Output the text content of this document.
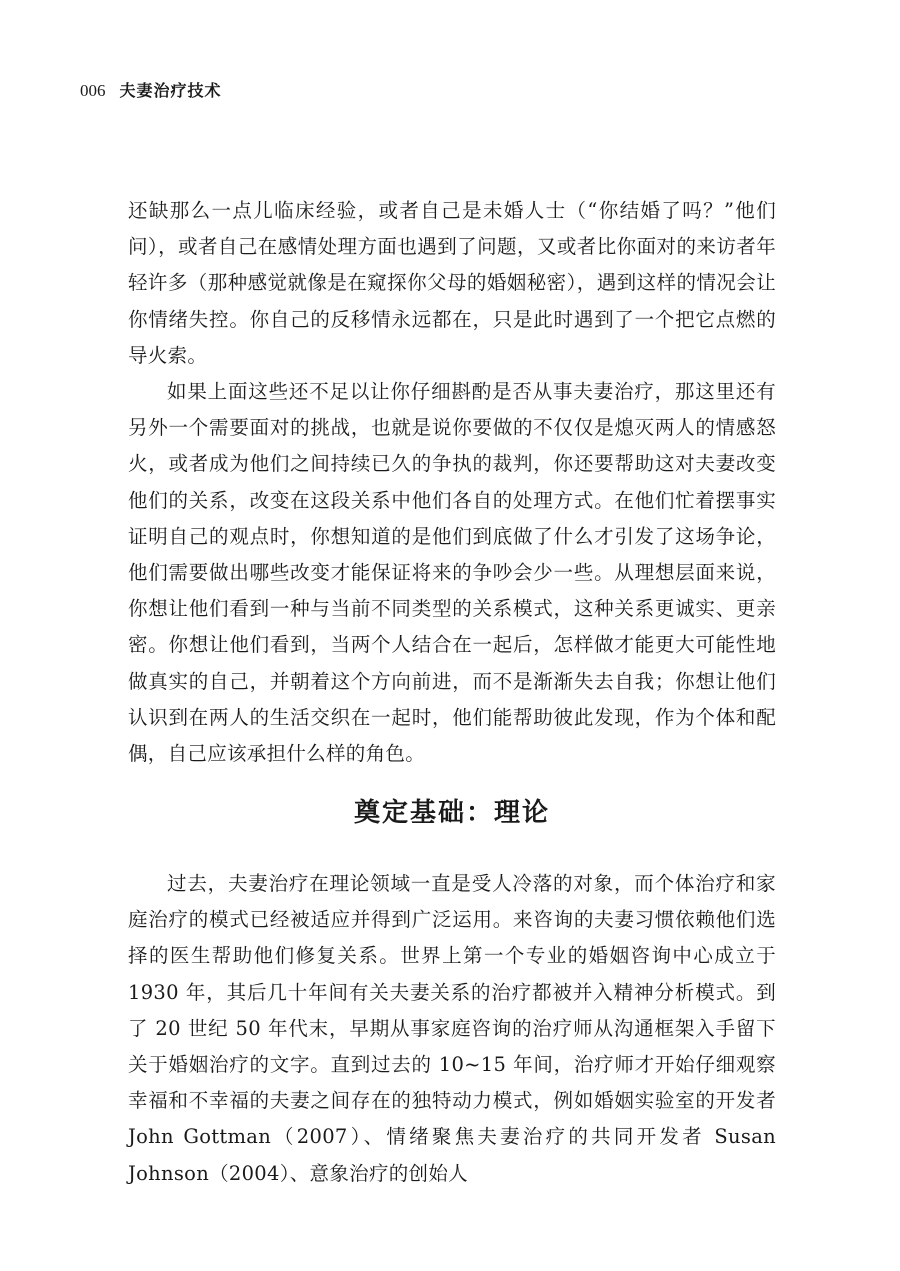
006 夫妻治疗技术

还缺那么一点儿临床经验，或者自己是未婚人士（“你结婚了吗？”他们问），或者自己在感情处理方面也遇到了问题，又或者比你面对的来访者年轻许多（那种感觉就像是在窥探你父母的婚姻秘密），遇到这样的情况会让你情绪失控。你自己的反移情永远都在，只是此时遇到了一个把它点燃的导火索。

如果上面这些还不足以让你仔细斟酌是否从事夫妻治疗，那这里还有另外一个需要面对的挑战，也就是说你要做的不仅仅是熄灭两人的情感怒火，或者成为他们之间持续已久的争执的裁判，你还要帮助这对夫妻改变他们的关系，改变在这段关系中他们各自的处理方式。在他们忙着摆事实证明自己的观点时，你想知道的是他们到底做了什么才引发了这场争论，他们需要做出哪些改变才能保证将来的争吵会少一些。从理想层面来说，你想让他们看到一种与当前不同类型的关系模式，这种关系更诚实、更亲密。你想让他们看到，当两个人结合在一起后，怎样做才能更大可能性地做真实的自己，并朝着这个方向前进，而不是渐渐失去自我；你想让他们认识到在两人的生活交织在一起时，他们能帮助彼此发现，作为个体和配偶，自己应该承担什么样的角色。

奠定基础：理论

过去，夫妻治疗在理论领域一直是受人冷落的对象，而个体治疗和家庭治疗的模式已经被适应并得到广泛运用。来咨询的夫妻习惯依赖他们选择的医生帮助他们修复关系。世界上第一个专业的婚姻咨询中心成立于 1930 年，其后几十年间有关夫妻关系的治疗都被并入精神分析模式。到了 20 世纪 50 年代末，早期从事家庭咨询的治疗师从沟通框架入手留下关于婚姻治疗的文字。直到过去的 10~15 年间，治疗师才开始仔细观察幸福和不幸福的夫妻之间存在的独特动力模式，例如婚姻实验室的开发者 John Gottman（2007）、情绪聚焦夫妻治疗的共同开发者 Susan Johnson（2004）、意象治疗的创始人
